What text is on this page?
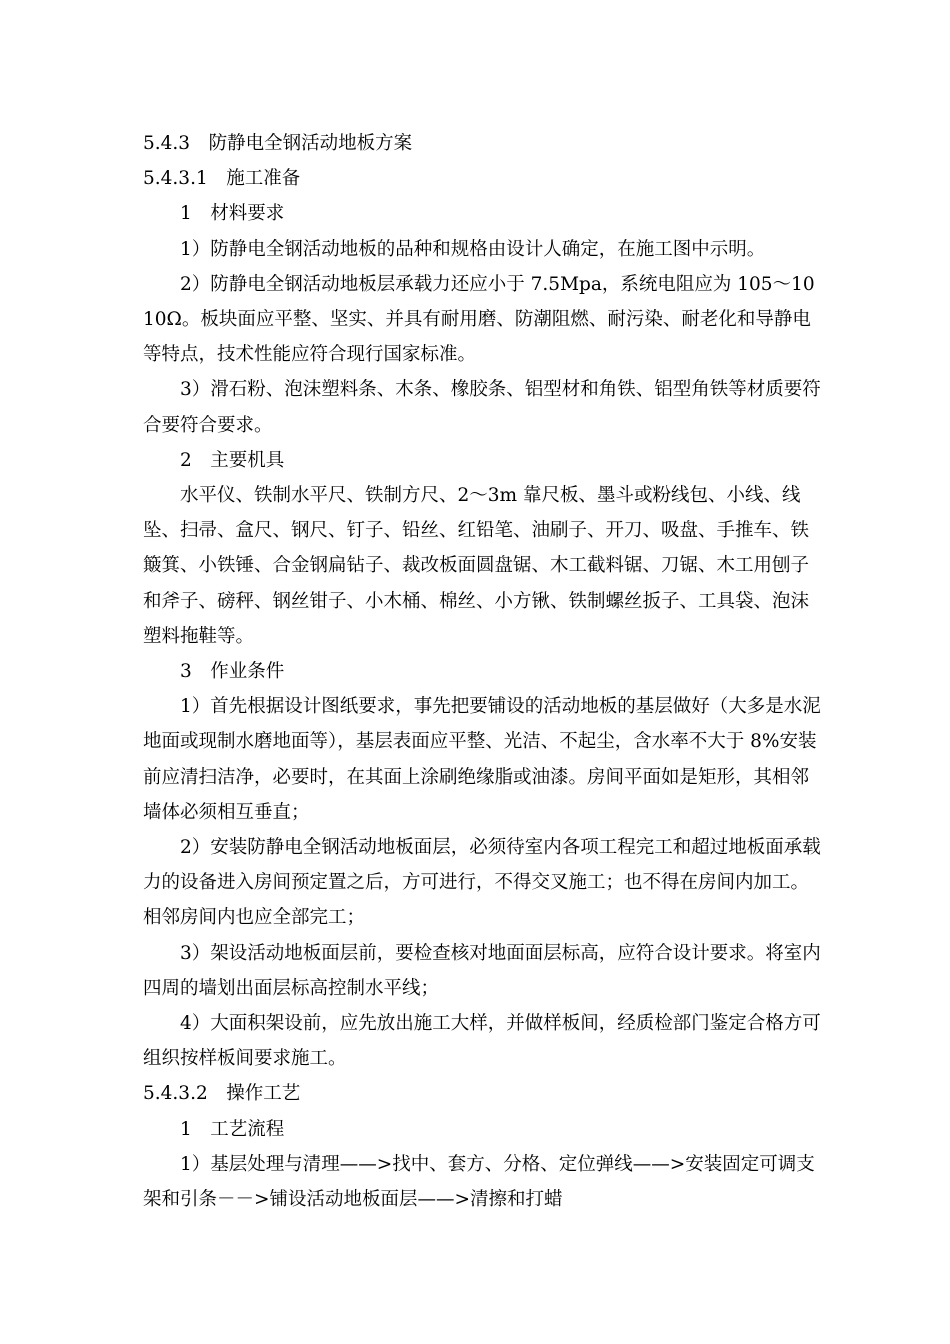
5.4.3　防静电全钢活动地板方案

5.4.3.1　施工准备

1　材料要求

1）防静电全钢活动地板的品种和规格由设计人确定，在施工图中示明。

2）防静电全钢活动地板层承载力还应小于 7.5Mpa，系统电阻应为 105～1010Ω。板块面应平整、坚实、并具有耐用磨、防潮阻燃、耐污染、耐老化和导静电等特点，技术性能应符合现行国家标准。

3）滑石粉、泡沫塑料条、木条、橡胶条、铝型材和角铁、铝型角铁等材质要符合要符合要求。

2　主要机具

水平仪、铁制水平尺、铁制方尺、2～3m 靠尺板、墨斗或粉线包、小线、线坠、扫帚、盒尺、钢尺、钉子、铅丝、红铅笔、油刷子、开刀、吸盘、手推车、铁簸箕、小铁锤、合金钢扁钻子、裁改板面圆盘锯、木工截料锯、刀锯、木工用刨子和斧子、磅秤、钢丝钳子、小木桶、棉丝、小方锹、铁制螺丝扳子、工具袋、泡沫塑料拖鞋等。

3　作业条件

1）首先根据设计图纸要求，事先把要铺设的活动地板的基层做好（大多是水泥地面或现制水磨地面等），基层表面应平整、光洁、不起尘，含水率不大于 8%安装前应清扫洁净，必要时，在其面上涂刷绝缘脂或油漆。房间平面如是矩形，其相邻墙体必须相互垂直；

2）安装防静电全钢活动地板面层，必须待室内各项工程完工和超过地板面承载力的设备进入房间预定置之后，方可进行，不得交叉施工；也不得在房间内加工。相邻房间内也应全部完工；

3）架设活动地板面层前，要检查核对地面面层标高，应符合设计要求。将室内四周的墙划出面层标高控制水平线；

4）大面积架设前，应先放出施工大样，并做样板间，经质检部门鉴定合格方可组织按样板间要求施工。

5.4.3.2　操作工艺

1　工艺流程

1）基层处理与清理——>找中、套方、分格、定位弹线——>安装固定可调支架和引条－－>铺设活动地板面层——>清擦和打蜡
